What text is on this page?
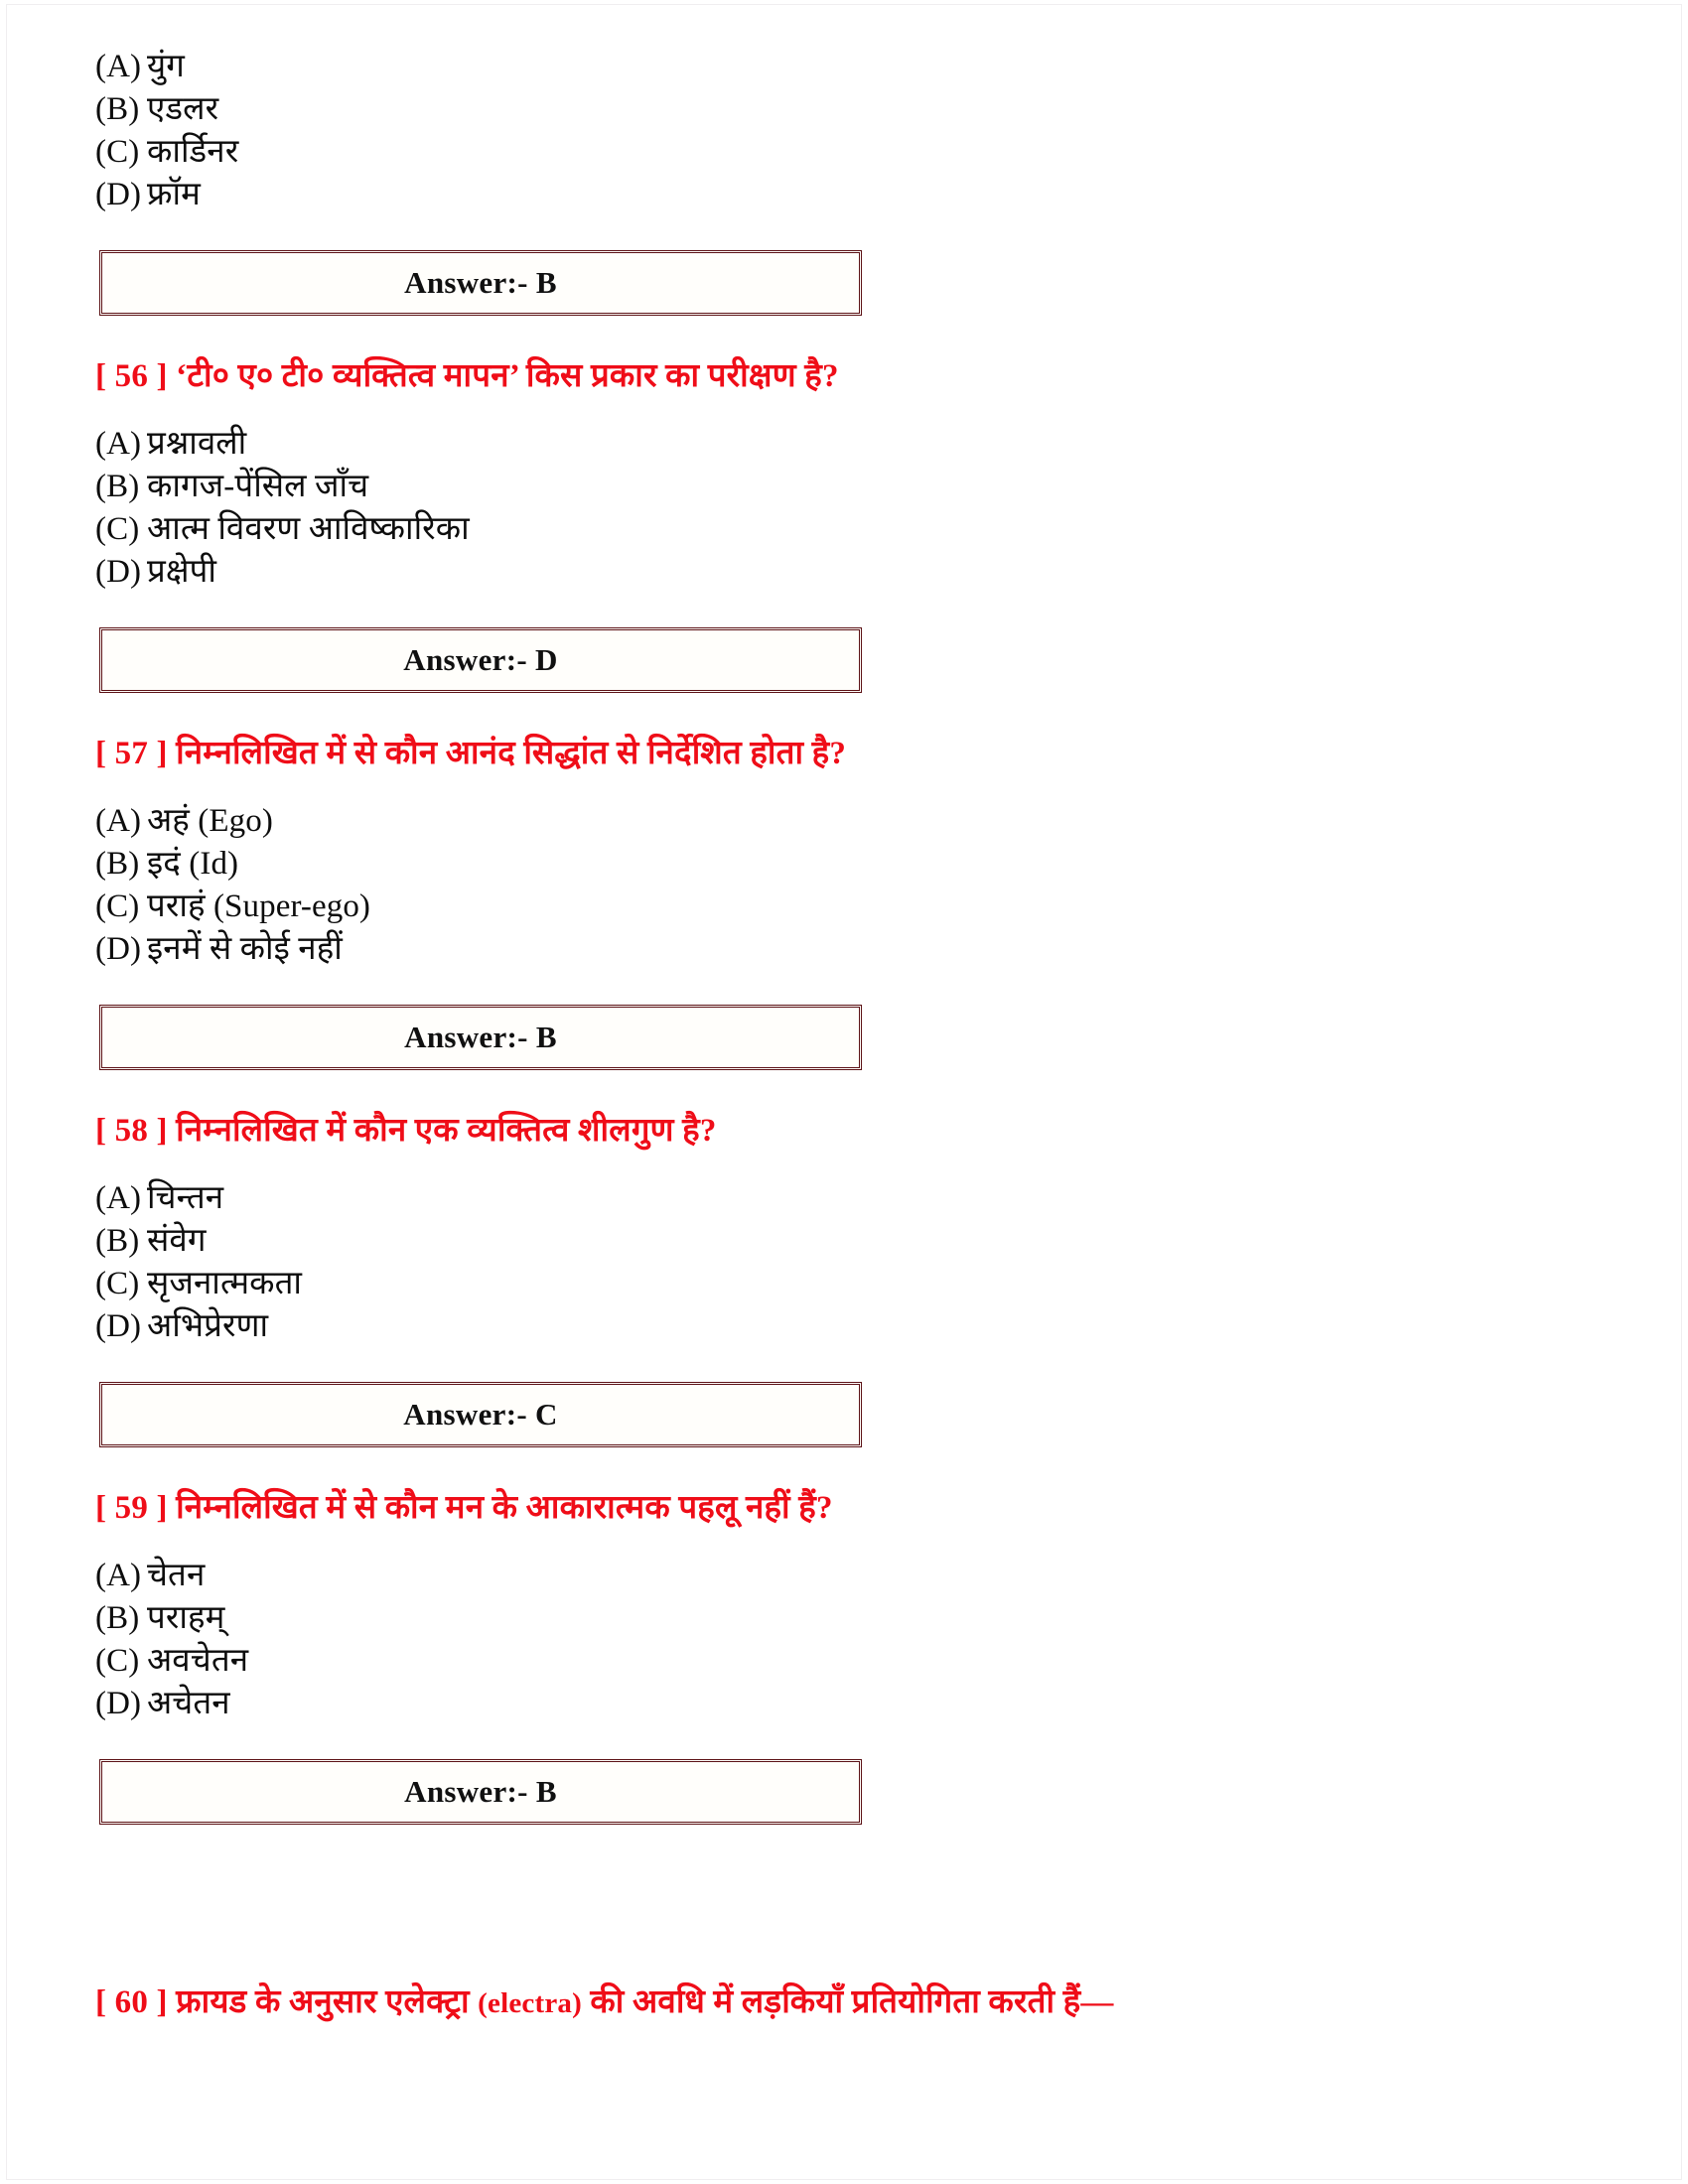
(A) युंग
(B) एडलर
(C) कार्डिनर
(D) फ्रॉम
Answer:- B
[ 56 ] ‘टी० ए० टी० व्यक्तित्व मापन’ किस प्रकार का परीक्षण है?
(A) प्रश्नावली
(B) कागज-पेंसिल जाँच
(C) आत्म विवरण आविष्कारिका
(D) प्रक्षेपी
Answer:- D
[ 57 ] निम्नलिखित में से कौन आनंद सिद्धांत से निर्देशित होता है?
(A) अहं (Ego)
(B) इदं (Id)
(C) पराहं (Super-ego)
(D) इनमें से कोई नहीं
Answer:- B
[ 58 ] निम्नलिखित में कौन एक व्यक्तित्व शीलगुण है?
(A) चिन्तन
(B) संवेग
(C) सृजनात्मकता
(D) अभिप्रेरणा
Answer:- C
[ 59 ] निम्नलिखित में से कौन मन के आकारात्मक पहलू नहीं हैं?
(A) चेतन
(B) पराहम्
(C) अवचेतन
(D) अचेतन
Answer:- B
[ 60 ] फ्रायड के अनुसार एलेक्ट्रा (electra) की अवधि में लड़कियाँ प्रतियोगिता करती हैं—
